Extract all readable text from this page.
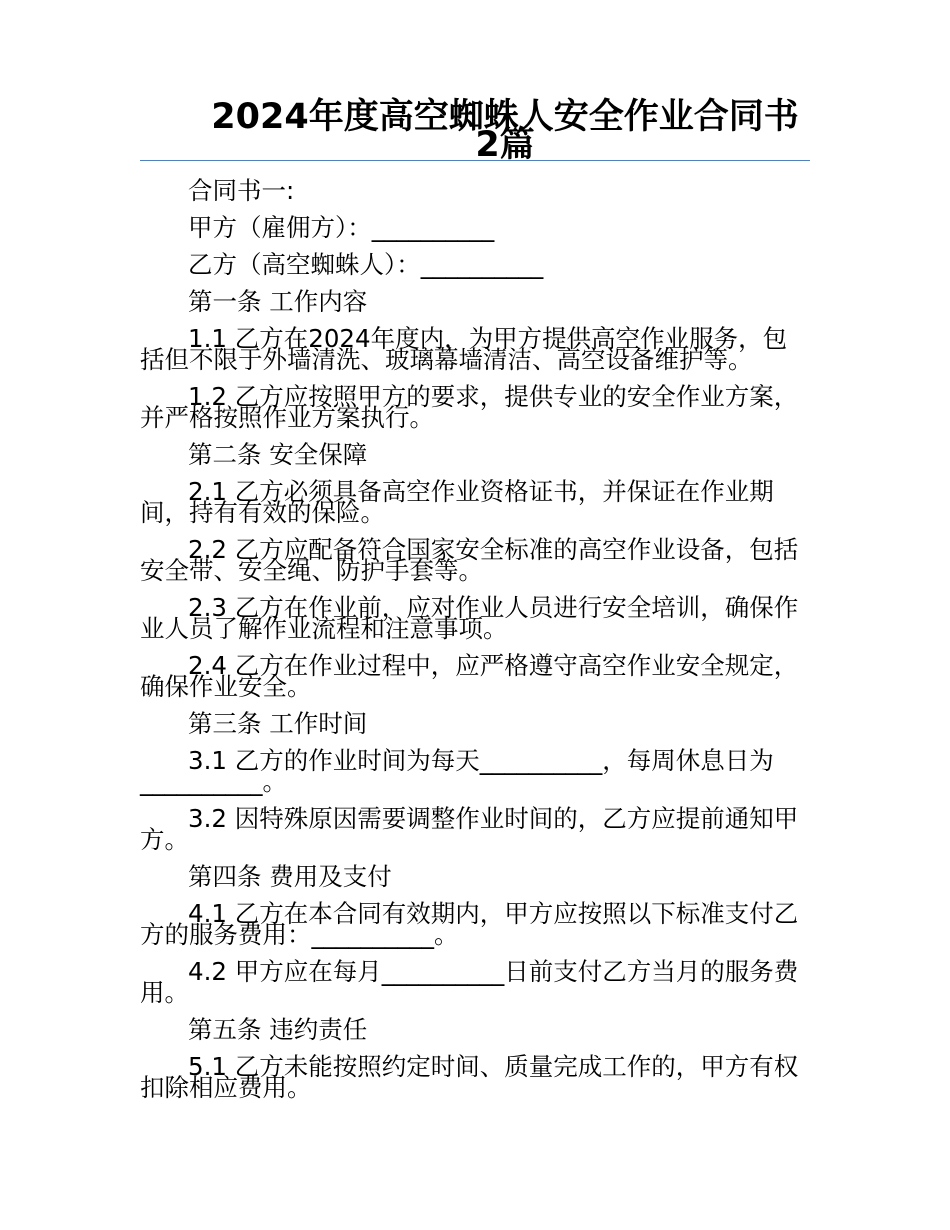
2024年度高空蜘蛛人安全作业合同书2篇

合同书一:

甲方（雇佣方）：__________

乙方（高空蜘蛛人）：__________

第一条 工作内容

1.1 乙方在2024年度内，为甲方提供高空作业服务，包括但不限于外墙清洗、玻璃幕墙清洁、高空设备维护等。

1.2 乙方应按照甲方的要求，提供专业的安全作业方案，并严格按照作业方案执行。

第二条 安全保障

2.1 乙方必须具备高空作业资格证书，并保证在作业期间，持有有效的保险。

2.2 乙方应配备符合国家安全标准的高空作业设备，包括安全带、安全绳、防护手套等。

2.3 乙方在作业前，应对作业人员进行安全培训，确保作业人员了解作业流程和注意事项。

2.4 乙方在作业过程中，应严格遵守高空作业安全规定，确保作业安全。

第三条 工作时间

3.1 乙方的作业时间为每天__________，每周休息日为__________。

3.2 因特殊原因需要调整作业时间的，乙方应提前通知甲方。

第四条 费用及支付

4.1 乙方在本合同有效期内，甲方应按照以下标准支付乙方的服务费用：__________。

4.2 甲方应在每月__________日前支付乙方当月的服务费用。

第五条 违约责任

5.1 乙方未能按照约定时间、质量完成工作的，甲方有权扣除相应费用。
